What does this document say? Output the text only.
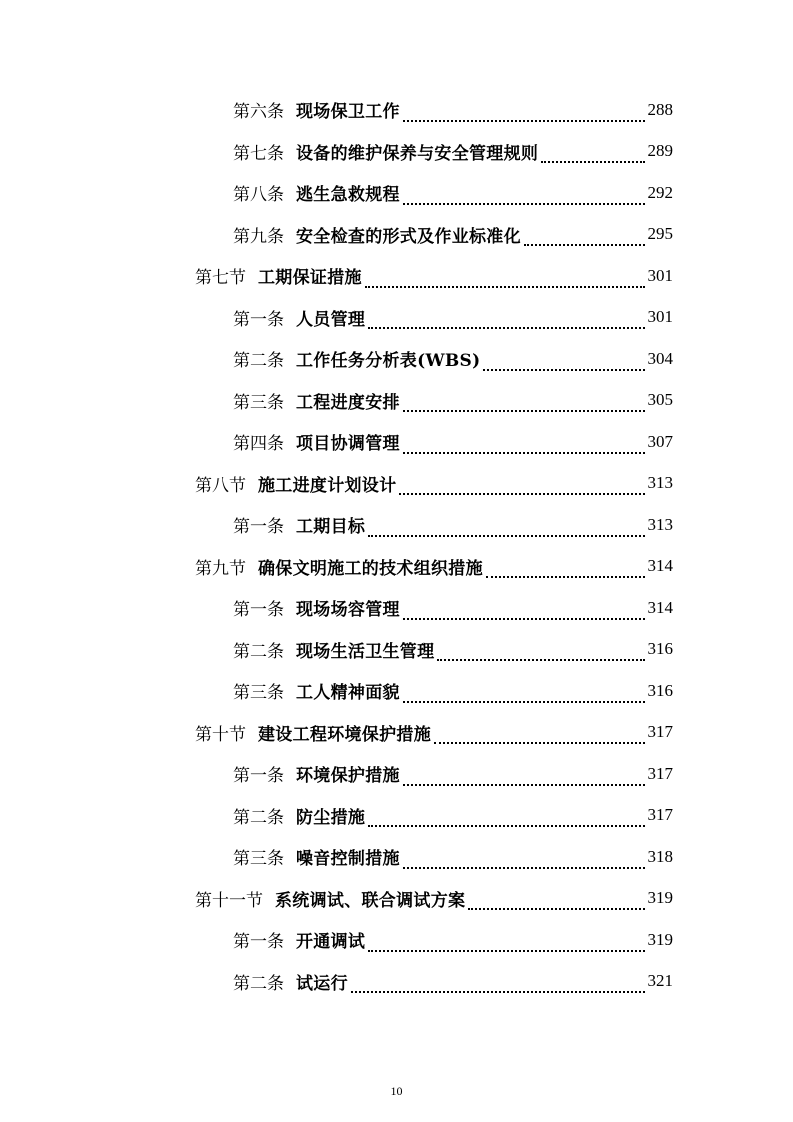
第六条 现场保卫工作	288
第七条 设备的维护保养与安全管理规则	289
第八条 逃生急救规程	292
第九条 安全检查的形式及作业标准化	295
第七节 工期保证措施	301
第一条 人员管理	301
第二条 工作任务分析表(WBS)	304
第三条 工程进度安排	305
第四条 项目协调管理	307
第八节 施工进度计划设计	313
第一条 工期目标	313
第九节 确保文明施工的技术组织措施	314
第一条 现场场容管理	314
第二条 现场生活卫生管理	316
第三条 工人精神面貌	316
第十节 建设工程环境保护措施	317
第一条 环境保护措施	317
第二条 防尘措施	317
第三条 噪音控制措施	318
第十一节 系统调试、联合调试方案	319
第一条 开通调试	319
第二条 试运行	321
10
